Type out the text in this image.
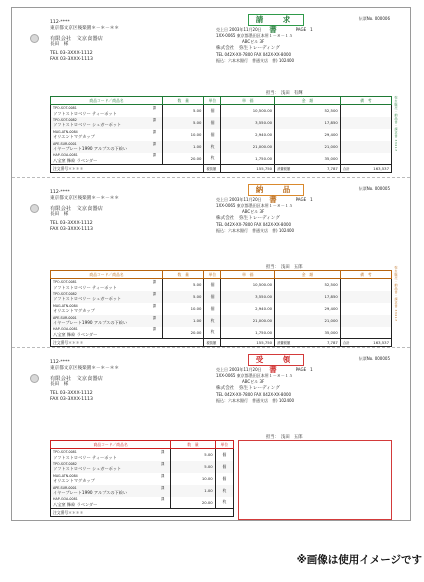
112-****
東京都文京区後楽園＊－＊－＊＊
有限会社　文京食器店
長田　様
TEL 03-3XXX-1112
FAX 03-3XXX-1113
請　求　書
伝票No. 000006
売上日 2003年11月20日	PAGE　1
1XX-0065 東京都墨田区本所１－８－１５
ABCビル 3F
株式会社　弥生トレーディング
TEL 042X-XX-7800 FAX 042X-XX-8000
振込：六本木銀行　普通支店　普) 102400
担当：　浅田　有輝
弥生販売・納品書・請求書 33417
商品コード／商品名	数　量	単位	単　価	金　額	備　考

TPO-SOT-0081 課
ソフトストロベリー ティーポット	5.00	個	10,500.00	52,500	

TPO-SOT-0082 課
ソフトストロベリー シュガーポット	5.00	個	3,550.00	17,850	

MAG-ATN-0084 課
オリエントマグカップ	10.00	個	2,940.00	29,400	

APE-SUR-0001 課
イヤープレート1990 アルプスの下絵い	1.00	枚	21,000.00	21,000	

HAP-GOA-0081 課
八宝窯 飾絵 ラベンダー	20.00	枚	1,750.00	35,000	
注文番号＊＊＊＊		税抜額	155,750	消費税額 7,787	合計 163,537
112-****
東京都文京区後楽園＊－＊－＊＊
有限会社　文京食器店
長田　様
TEL 03-3XXX-1112
FAX 03-3XXX-1113
納　品　書
伝票No. 000005
売上日 2003年11月20日	PAGE　1
1XX-0065 東京都墨田区本所１－８－１５
ABCビル 3F
株式会社　弥生トレーディング
TEL 042X-XX-7800 FAX 042X-XX-8000
振込：六本木銀行　普通支店　普) 102400
担当：　浅田　五郎	弥生販売・納品書・請求書 33417
商品コード／商品名	数　量	単位	単　価	金　額	備　考

TPO-SOT-0081 課
ソフトストロベリー ティーポット	5.00	個	10,500.00	52,500	

TPO-SOT-0082 課
ソフトストロベリー シュガーポット	5.00	個	3,550.00	17,850	

MAG-ATN-0084 課
オリエントマグカップ	10.00	個	2,940.00	29,400	

APE-SUR-0001 課
イヤープレート1990 アルプスの下絵い	1.00	枚	21,000.00	21,000	

HAP-GOA-0081 課
八宝窯 飾絵 ラベンダー	20.00	枚	1,750.00	35,000	
注文番号＊＊＊＊		税抜額	155,750	消費税額 7,787	合計 163,537
112-****
東京都文京区後楽園＊－＊－＊＊
有限会社　文京食器店
長田　様
TEL 03-3XXX-1112
FAX 03-3XXX-1113
受　領　書
伝票No. 000005
売上日 2003年11月20日	PAGE　1
1XX-0065 東京都墨田区本所１－８－１５
ABCビル 3F
株式会社　弥生トレーディング
TEL 042X-XX-7800 FAX 042X-XX-8000
振込：六本木銀行　普通支店　普) 102400
担当：　浅田　五郎
商品コード／商品名	数　量	単位

TPO-SOT-0081 課
ソフトストロベリー ティーポット	5.00	個

TPO-SOT-0082 課
ソフトストロベリー シュガーポット	5.00	個

MAG-ATN-0084 課
オリエントマグカップ	10.00	個

APE-SUR-0001 課
イヤープレート1990 アルプスの下絵い	1.00	枚

HAP-GOA-0081 課
八宝窯 飾絵 ラベンダー	20.00	枚
注文番号＊＊＊＊		
※画像は使用イメージです
